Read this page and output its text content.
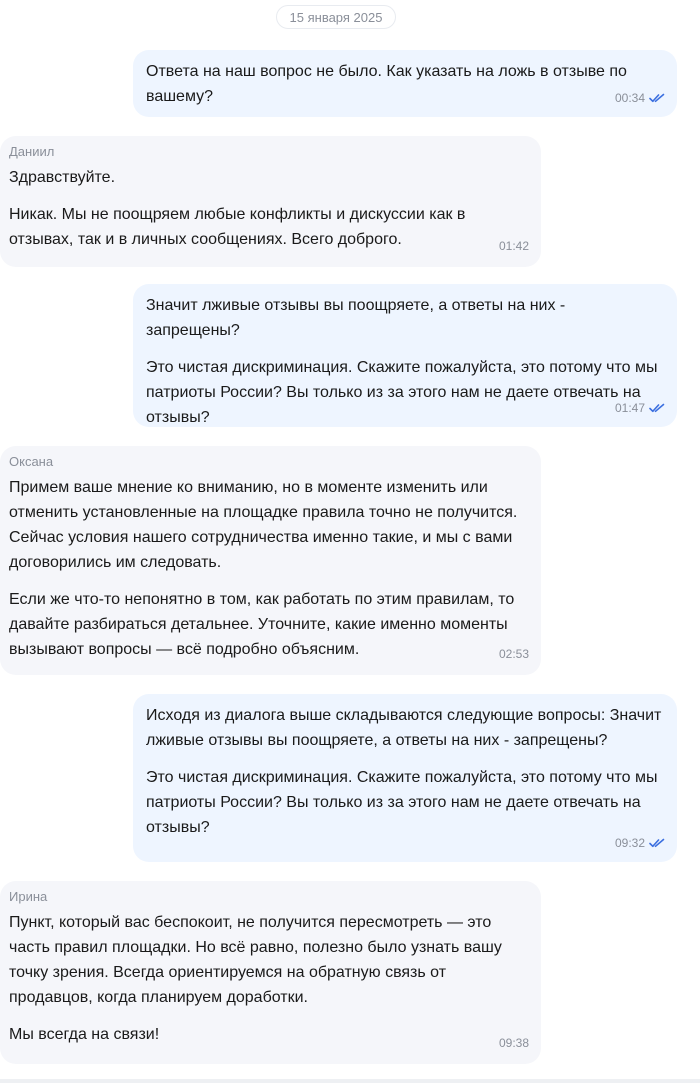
15 января 2025

Ответа на наш вопрос не было. Как указать на ложь в отзыве по вашему?	00:34
Даниил

Здравствуйте.

Никак. Мы не поощряем любые конфликты и дискуссии как в отзывах, так и в личных сообщениях. Всего доброго.	01:42

Значит лживые отзывы вы поощряете, а ответы на них - запрещены?

Это чистая дискриминация. Скажите пожалуйста, это потому что мы патриоты России? Вы только из за этого нам не даете отвечать на отзывы?

01:47
Оксана

Примем ваше мнение ко вниманию, но в моменте изменить или отменить установленные на площадке правила точно не получится. Сейчас условия нашего сотрудничества именно такие, и мы с вами договорились им следовать.

Если же что-то непонятно в том, как работать по этим правилам, то давайте разбираться детальнее. Уточните, какие именно моменты вызывают вопросы — всё подробно объясним.	02:53

Исходя из диалога выше складываются следующие вопросы: Значит лживые отзывы вы поощряете, а ответы на них - запрещены?

Это чистая дискриминация. Скажите пожалуйста, это потому что мы патриоты России? Вы только из за этого нам не даете отвечать на отзывы?

09:32
Ирина

Пункт, который вас беспокоит, не получится пересмотреть — это часть правил площадки. Но всё равно, полезно было узнать вашу точку зрения. Всегда ориентируемся на обратную связь от продавцов, когда планируем доработки.

Мы всегда на связи!	09:38
